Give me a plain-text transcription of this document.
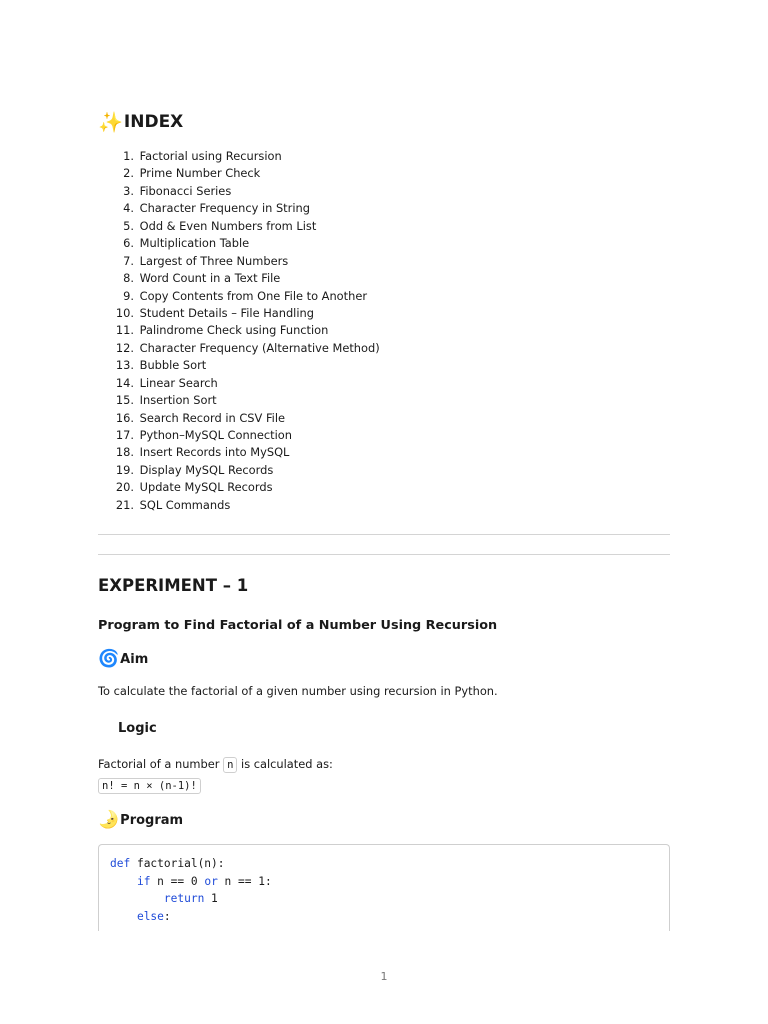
✨ INDEX
1.
Factorial using Recursion
2.
Prime Number Check
3.
Fibonacci Series
4.
Character Frequency in String
5.
Odd & Even Numbers from List
6.
Multiplication Table
7.
Largest of Three Numbers
8.
Word Count in a Text File
9.
Copy Contents from One File to Another
10.
Student Details – File Handling
11.
Palindrome Check using Function
12.
Character Frequency (Alternative Method)
13.
Bubble Sort
14.
Linear Search
15.
Insertion Sort
16.
Search Record in CSV File
17.
Python–MySQL Connection
18.
Insert Records into MySQL
19.
Display MySQL Records
20.
Update MySQL Records
21.
SQL Commands
EXPERIMENT – 1
Program to Find Factorial of a Number Using Recursion
🌀 Aim

To calculate the factorial of a given number using recursion in Python.

Logic

Factorial of a number n is calculated as:
n! = n × (n-1)!

🌛 Program
def factorial(n):
if n == 0 or n == 1:
return 1
else:
1
